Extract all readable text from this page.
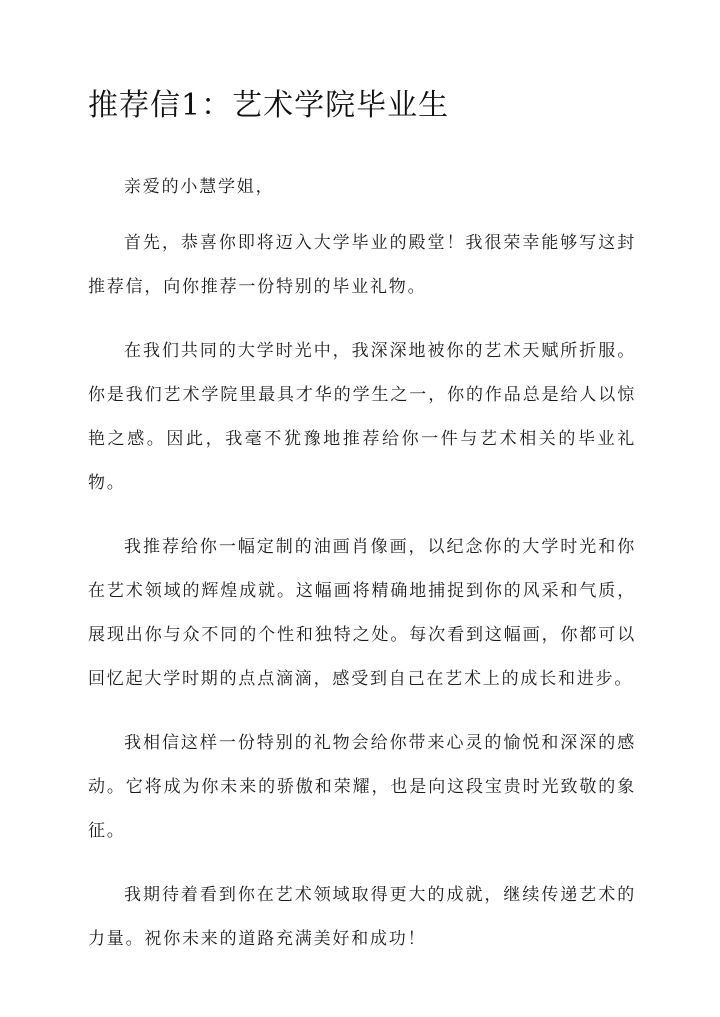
推荐信1：艺术学院毕业生

亲爱的小慧学姐，

首先，恭喜你即将迈入大学毕业的殿堂！我很荣幸能够写这封推荐信，向你推荐一份特别的毕业礼物。

在我们共同的大学时光中，我深深地被你的艺术天赋所折服。你是我们艺术学院里最具才华的学生之一，你的作品总是给人以惊艳之感。因此，我毫不犹豫地推荐给你一件与艺术相关的毕业礼物。

我推荐给你一幅定制的油画肖像画，以纪念你的大学时光和你在艺术领域的辉煌成就。这幅画将精确地捕捉到你的风采和气质，展现出你与众不同的个性和独特之处。每次看到这幅画，你都可以回忆起大学时期的点点滴滴，感受到自己在艺术上的成长和进步。

我相信这样一份特别的礼物会给你带来心灵的愉悦和深深的感动。它将成为你未来的骄傲和荣耀，也是向这段宝贵时光致敬的象征。

我期待着看到你在艺术领域取得更大的成就，继续传递艺术的力量。祝你未来的道路充满美好和成功！
